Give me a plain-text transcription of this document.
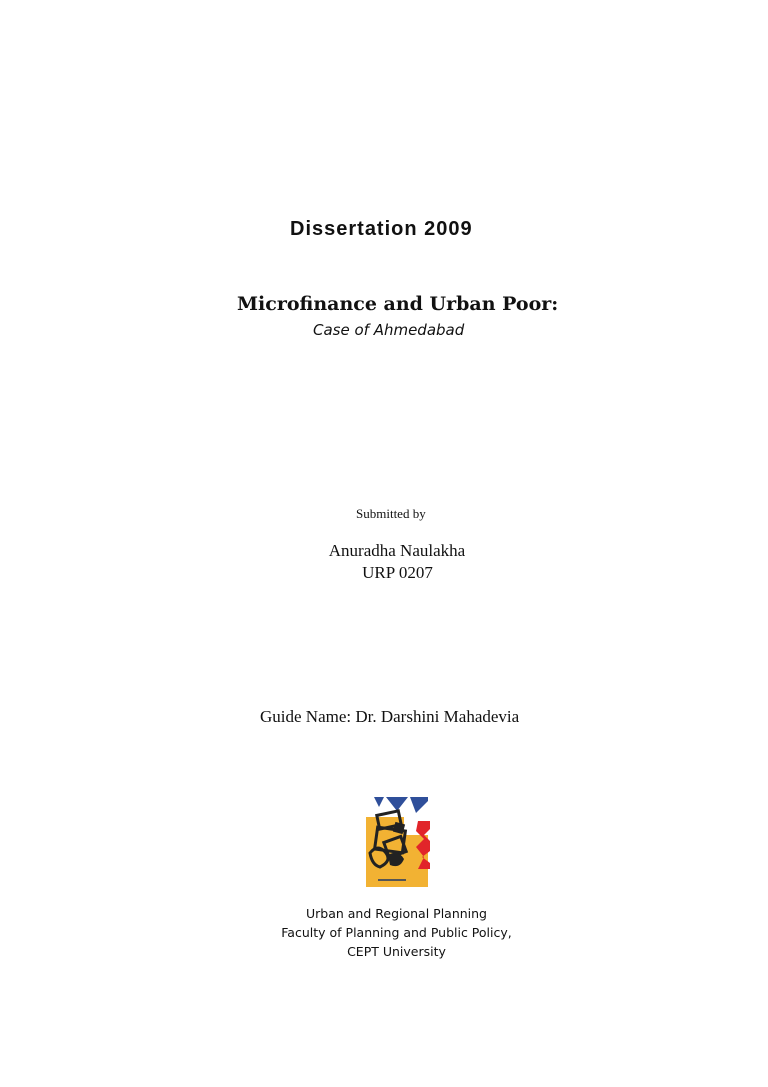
Dissertation 2009
Microfinance and Urban Poor:
Case of Ahmedabad
Submitted by
Anuradha Naulakha
URP 0207
Guide Name: Dr. Darshini Mahadevia
Urban and Regional Planning
Faculty of Planning and Public Policy,
CEPT University
